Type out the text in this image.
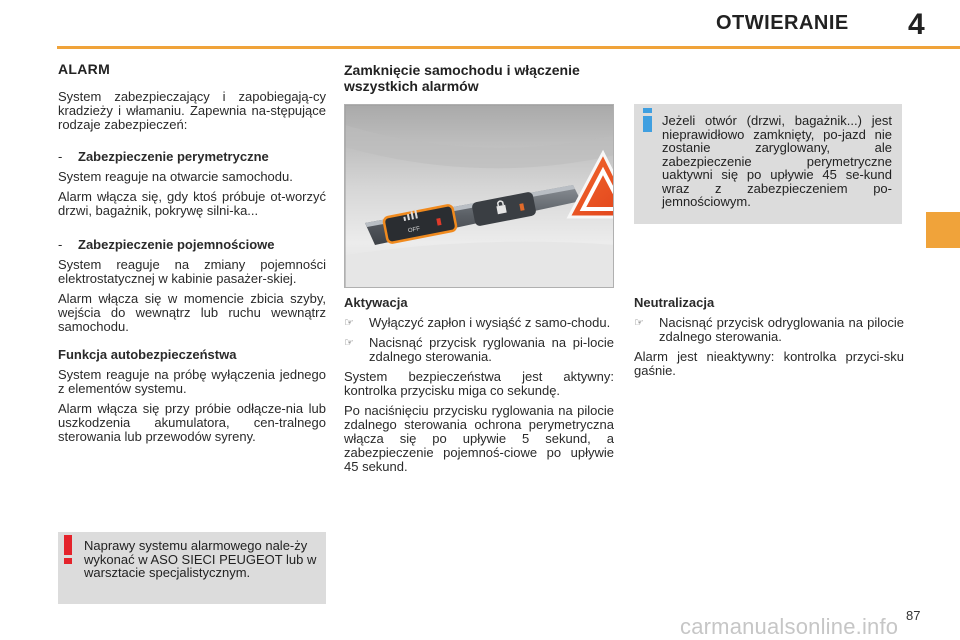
OTWIERANIE 4
ALARM

System zabezpieczający i zapobiegają-cy kradzieży i włamaniu. Zapewnia na-stępujące rodzaje zabezpieczeń:

- Zabezpieczenie perymetryczne

System reaguje na otwarcie samochodu.

Alarm włącza się, gdy ktoś próbuje ot-worzyć drzwi, bagażnik, pokrywę silni-ka...

- Zabezpieczenie pojemnościowe

System reaguje na zmiany pojemności elektrostatycznej w kabinie pasażer-skiej.

Alarm włącza się w momencie zbicia szyby, wejścia do wewnątrz lub ruchu wewnątrz samochodu.

Funkcja autobezpieczeństwa

System reaguje na próbę wyłączenia jednego z elementów systemu.

Alarm włącza się przy próbie odłącze-nia lub uszkodzenia akumulatora, cen-tralnego sterowania lub przewodów syreny.

Naprawy systemu alarmowego nale-ży wykonać w ASO SIECI PEUGEOT lub w warsztacie specjalistycznym.
Zamknięcie samochodu i włączenie wszystkich alarmów
OFF
Aktywacja
☞	Wyłączyć zapłon i wysiąść z samo-chodu.
☞	Nacisnąć przycisk ryglowania na pi-locie zdalnego sterowania.

System bezpieczeństwa jest aktywny: kontrolka przycisku miga co sekundę.

Po naciśnięciu przycisku ryglowania na pilocie zdalnego sterowania ochrona perymetryczna włącza się po upływie 5 sekund, a zabezpieczenie pojemnoś-ciowe po upływie 45 sekund.

Jeżeli otwór (drzwi, bagażnik...) jest nieprawidłowo zamknięty, po-jazd nie zostanie zaryglowany, ale zabezpieczenie perymetryczne uaktywni się po upływie 45 se-kund wraz z zabezpieczeniem po-jemnościowym.
Neutralizacja
☞	Nacisnąć przycisk odryglowania na pilocie zdalnego sterowania.

Alarm jest nieaktywny: kontrolka przyci-sku gaśnie.

87
carmanualsonline.info
